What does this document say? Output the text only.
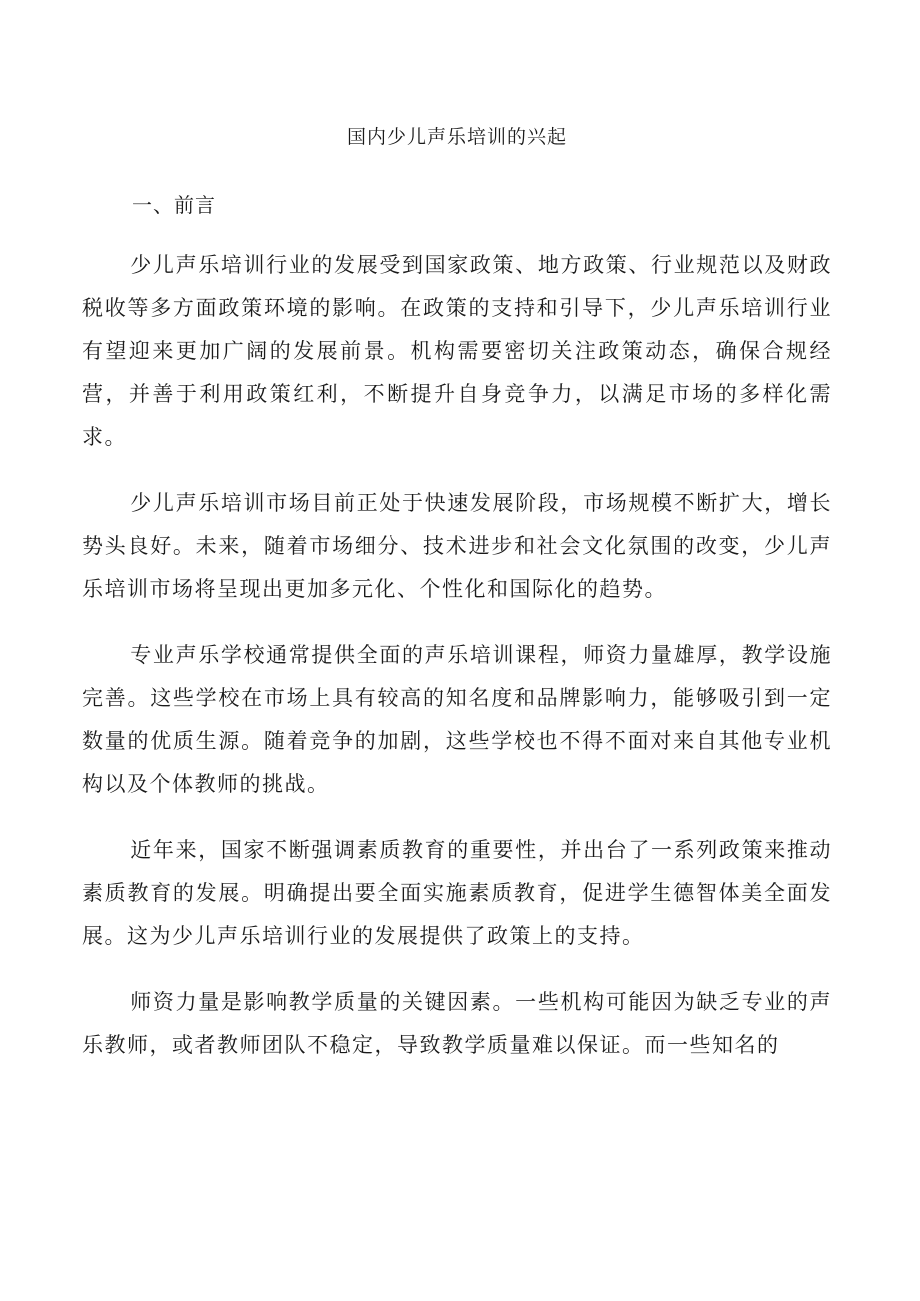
国内少儿声乐培训的兴起
一、前言

少儿声乐培训行业的发展受到国家政策、地方政策、行业规范以及财政税收等多方面政策环境的影响。在政策的支持和引导下，少儿声乐培训行业有望迎来更加广阔的发展前景。机构需要密切关注政策动态，确保合规经营，并善于利用政策红利，不断提升自身竞争力，以满足市场的多样化需求。

少儿声乐培训市场目前正处于快速发展阶段，市场规模不断扩大，增长势头良好。未来，随着市场细分、技术进步和社会文化氛围的改变，少儿声乐培训市场将呈现出更加多元化、个性化和国际化的趋势。

专业声乐学校通常提供全面的声乐培训课程，师资力量雄厚，教学设施完善。这些学校在市场上具有较高的知名度和品牌影响力，能够吸引到一定数量的优质生源。随着竞争的加剧，这些学校也不得不面对来自其他专业机构以及个体教师的挑战。

近年来，国家不断强调素质教育的重要性，并出台了一系列政策来推动素质教育的发展。明确提出要全面实施素质教育，促进学生德智体美全面发展。这为少儿声乐培训行业的发展提供了政策上的支持。

师资力量是影响教学质量的关键因素。一些机构可能因为缺乏专业的声乐教师，或者教师团队不稳定，导致教学质量难以保证。而一些知名的
